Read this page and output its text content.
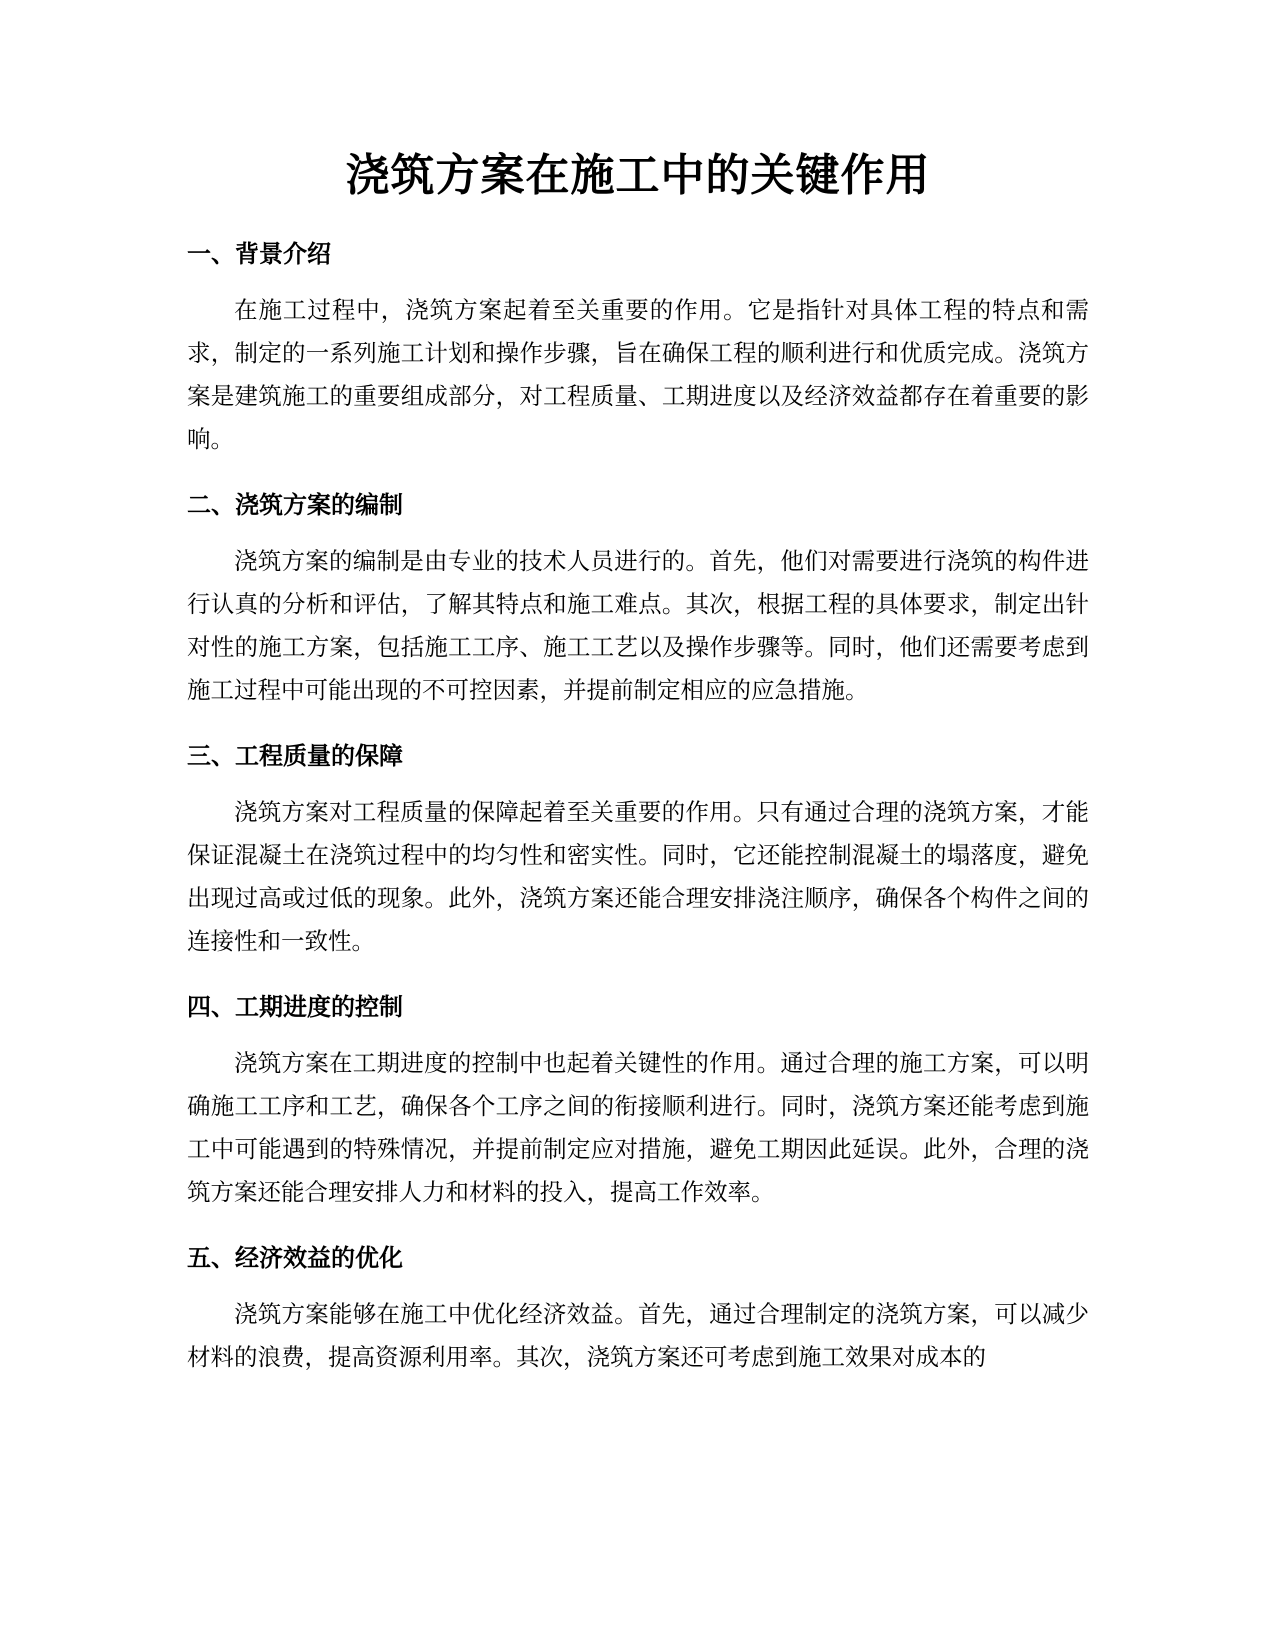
浇筑方案在施工中的关键作用
一、背景介绍

在施工过程中，浇筑方案起着至关重要的作用。它是指针对具体工程的特点和需求，制定的一系列施工计划和操作步骤，旨在确保工程的顺利进行和优质完成。浇筑方案是建筑施工的重要组成部分，对工程质量、工期进度以及经济效益都存在着重要的影响。

二、浇筑方案的编制

浇筑方案的编制是由专业的技术人员进行的。首先，他们对需要进行浇筑的构件进行认真的分析和评估，了解其特点和施工难点。其次，根据工程的具体要求，制定出针对性的施工方案，包括施工工序、施工工艺以及操作步骤等。同时，他们还需要考虑到施工过程中可能出现的不可控因素，并提前制定相应的应急措施。

三、工程质量的保障

浇筑方案对工程质量的保障起着至关重要的作用。只有通过合理的浇筑方案，才能保证混凝土在浇筑过程中的均匀性和密实性。同时，它还能控制混凝土的塌落度，避免出现过高或过低的现象。此外，浇筑方案还能合理安排浇注顺序，确保各个构件之间的连接性和一致性。

四、工期进度的控制

浇筑方案在工期进度的控制中也起着关键性的作用。通过合理的施工方案，可以明确施工工序和工艺，确保各个工序之间的衔接顺利进行。同时，浇筑方案还能考虑到施工中可能遇到的特殊情况，并提前制定应对措施，避免工期因此延误。此外，合理的浇筑方案还能合理安排人力和材料的投入，提高工作效率。

五、经济效益的优化

浇筑方案能够在施工中优化经济效益。首先，通过合理制定的浇筑方案，可以减少材料的浪费，提高资源利用率。其次，浇筑方案还可考虑到施工效果对成本的
